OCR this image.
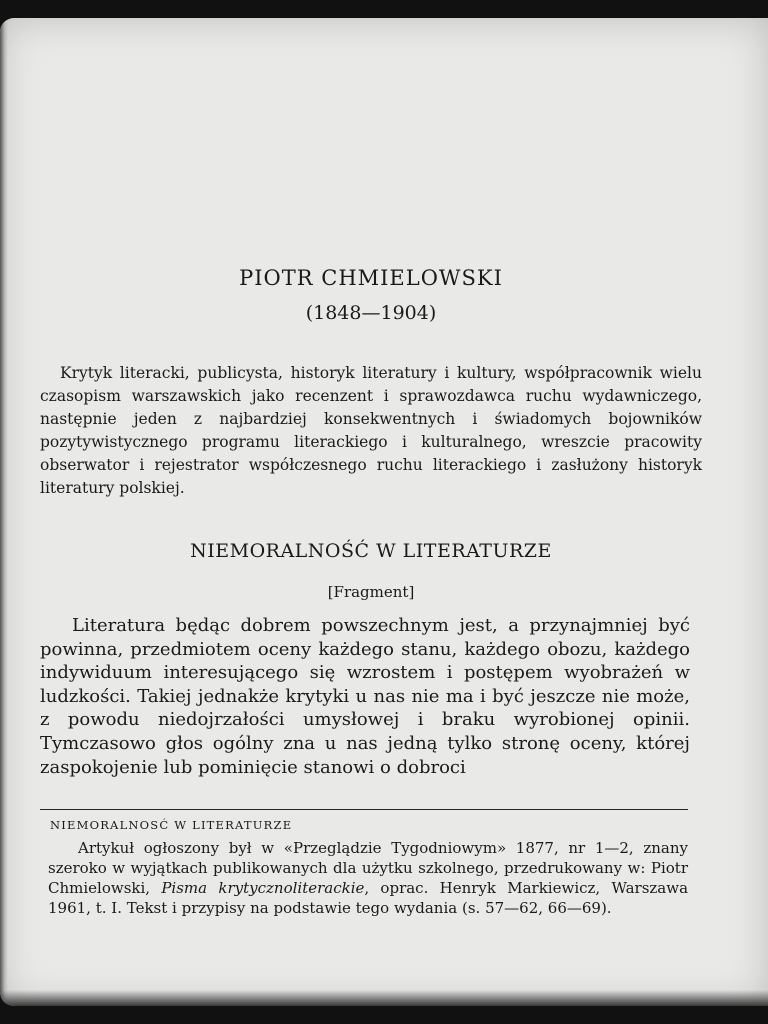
PIOTR CHMIELOWSKI
(1848—1904)

Krytyk literacki, publicysta, historyk literatury i kultury, współpracownik wielu czasopism warszawskich jako recenzent i sprawozdawca ruchu wydawniczego, następnie jeden z najbardziej konsekwentnych i świadomych bojowników pozytywistycznego programu literackiego i kulturalnego, wreszcie pracowity obserwator i rejestrator współczesnego ruchu literackiego i zasłużony historyk literatury polskiej.

NIEMORALNOŚĆ W LITERATURZE
[Fragment]

Literatura będąc dobrem powszechnym jest, a przynajmniej być powinna, przedmiotem oceny każdego stanu, każdego obozu, każdego indywiduum interesującego się wzrostem i postępem wyobrażeń w ludzkości. Takiej jednakże krytyki u nas nie ma i być jeszcze nie może, z powodu niedojrzałości umysłowej i braku wyrobionej opinii. Tymczasowo głos ogólny zna u nas jedną tylko stronę oceny, której zaspokojenie lub pominięcie stanowi o dobroci

NIEMORALNOSĆ W LITERATURZE

Artykuł ogłoszony był w «Przeglądzie Tygodniowym» 1877, nr 1—2, znany szeroko w wyjątkach publikowanych dla użytku szkolnego, przedrukowany w: Piotr Chmielowski, Pisma krytycznoliterackie, oprac. Henryk Markiewicz, Warszawa 1961, t. I. Tekst i przypisy na podstawie tego wydania (s. 57—62, 66—69).
